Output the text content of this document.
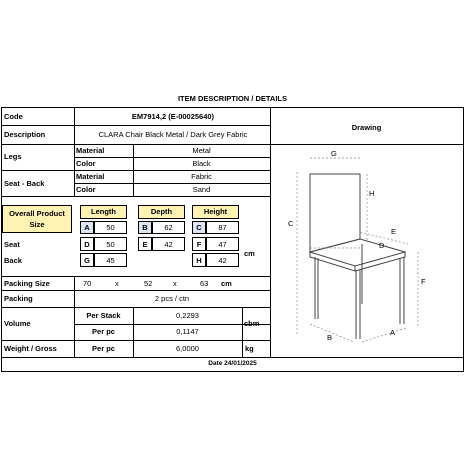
ITEM DESCRIPTION / DETAILS
Code	EM7914,2 (E-00025640)
Description	CLARA Chair Black Metal / Dark Grey Fabric
Legs
Material	Metal
Color	Black
Seat - Back
Material	Fabric
Color	Sand
Overall Product
Size
Length	Depth	Height
A	50	B	62	C	87
Seat	D	50	E	42	F	47
cm
Back	G	45	H	42
Packing Size	70	x	52	x	63 cm
Packing	2 pcs / ctn
Volume
Per Stack	0,2293
Per pc	0,1147
cbm
Weight / Gross	Per pc	6,0000	kg
Date 24/01/2025
Drawing
G
H
C
E
D
F
B
A
